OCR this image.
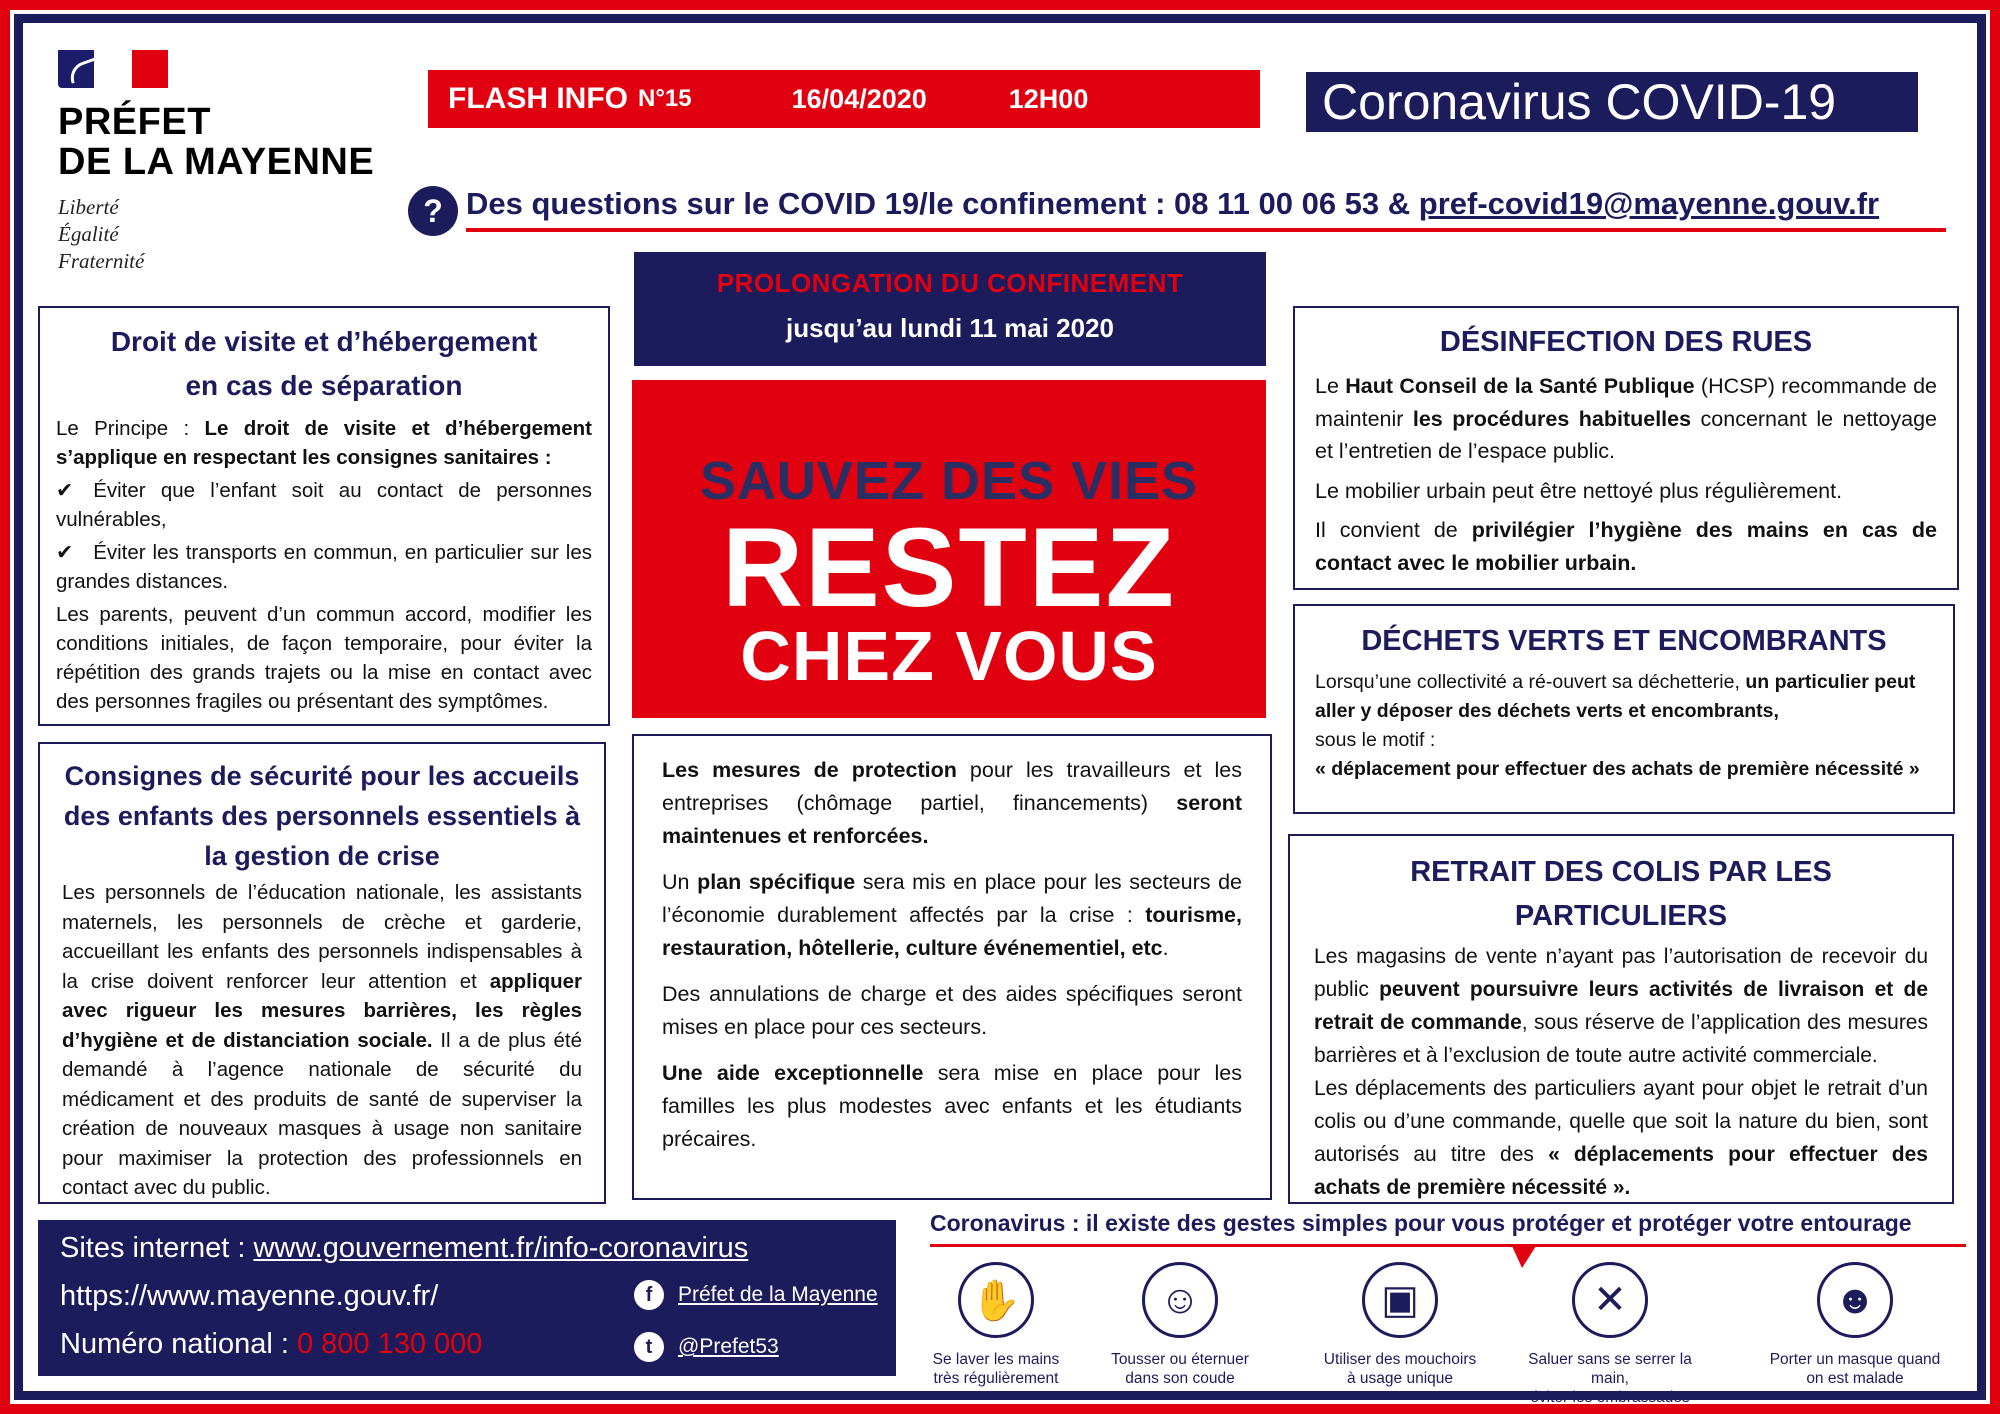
PRÉFET
DE LA MAYENNE
Liberté
Égalité
Fraternité
FLASH INFO N°15	16/04/2020	12H00	Coronavirus COVID-19
? Des questions sur le COVID 19/le confinement : 08 11 00 06 53 & pref-covid19@mayenne.gouv.fr
Droit de visite et d’hébergement
en cas de séparation

Le Principe : Le droit de visite et d’hébergement s’applique en respectant les consignes sanitaires :

✔ Éviter que l’enfant soit au contact de personnes vulnérables,
✔ Éviter les transports en commun, en particulier sur les grandes distances.

Les parents, peuvent d’un commun accord, modifier les conditions initiales, de façon temporaire, pour éviter la répétition des grands trajets ou la mise en contact avec des personnes fragiles ou présentant des symptômes.

Consignes de sécurité pour les accueils des enfants des personnels essentiels à la gestion de crise

Les personnels de l’éducation nationale, les assistants maternels, les personnels de crèche et garderie, accueillant les enfants des personnels indispensables à la crise doivent renforcer leur attention et appliquer avec rigueur les mesures barrières, les règles d’hygiène et de distanciation sociale. Il a de plus été demandé à l’agence nationale de sécurité du médicament et des produits de santé de superviser la création de nouveaux masques à usage non sanitaire pour maximiser la protection des professionnels en contact avec du public.

PROLONGATION DU CONFINEMENT
jusqu’au lundi 11 mai 2020
SAUVEZ DES VIES
RESTEZ
CHEZ VOUS

Les mesures de protection pour les travailleurs et les entreprises (chômage partiel, financements) seront maintenues et renforcées.

Un plan spécifique sera mis en place pour les secteurs de l’économie durablement affectés par la crise : tourisme, restauration, hôtellerie, culture événementiel, etc.

Des annulations de charge et des aides spécifiques seront mises en place pour ces secteurs.

Une aide exceptionnelle sera mise en place pour les familles les plus modestes avec enfants et les étudiants précaires.

DÉSINFECTION DES RUES

Le Haut Conseil de la Santé Publique (HCSP) recommande de maintenir les procédures habituelles concernant le nettoyage et l’entretien de l’espace public.

Le mobilier urbain peut être nettoyé plus régulièrement.

Il convient de privilégier l’hygiène des mains en cas de contact avec le mobilier urbain.

DÉCHETS VERTS ET ENCOMBRANTS

Lorsqu’une collectivité a ré-ouvert sa déchetterie, un particulier peut aller y déposer des déchets verts et encombrants,

sous le motif :

« déplacement pour effectuer des achats de première nécessité »

RETRAIT DES COLIS PAR LES PARTICULIERS

Les magasins de vente n’ayant pas l’autorisation de recevoir du public peuvent poursuivre leurs activités de livraison et de retrait de commande, sous réserve de l’application des mesures barrières et à l’exclusion de toute autre activité commerciale.

Les déplacements des particuliers ayant pour objet le retrait d’un colis ou d’une commande, quelle que soit la nature du bien, sont autorisés au titre des « déplacements pour effectuer des achats de première nécessité ».

Sites internet : www.gouvernement.fr/info-coronavirus
https://www.mayenne.gouv.fr/
Numéro national : 0 800 130 000
f	Préfet de la Mayenne
t	@Prefet53
Coronavirus : il existe des gestes simples pour vous protéger et protéger votre entourage
✋
Se laver les mains
très régulièrement
☺
Tousser ou éternuer
dans son coude
▣
Utiliser des mouchoirs
à usage unique
✕
Saluer sans se serrer la main,
éviter les embrassades
☻
Porter un masque quand
on est malade
